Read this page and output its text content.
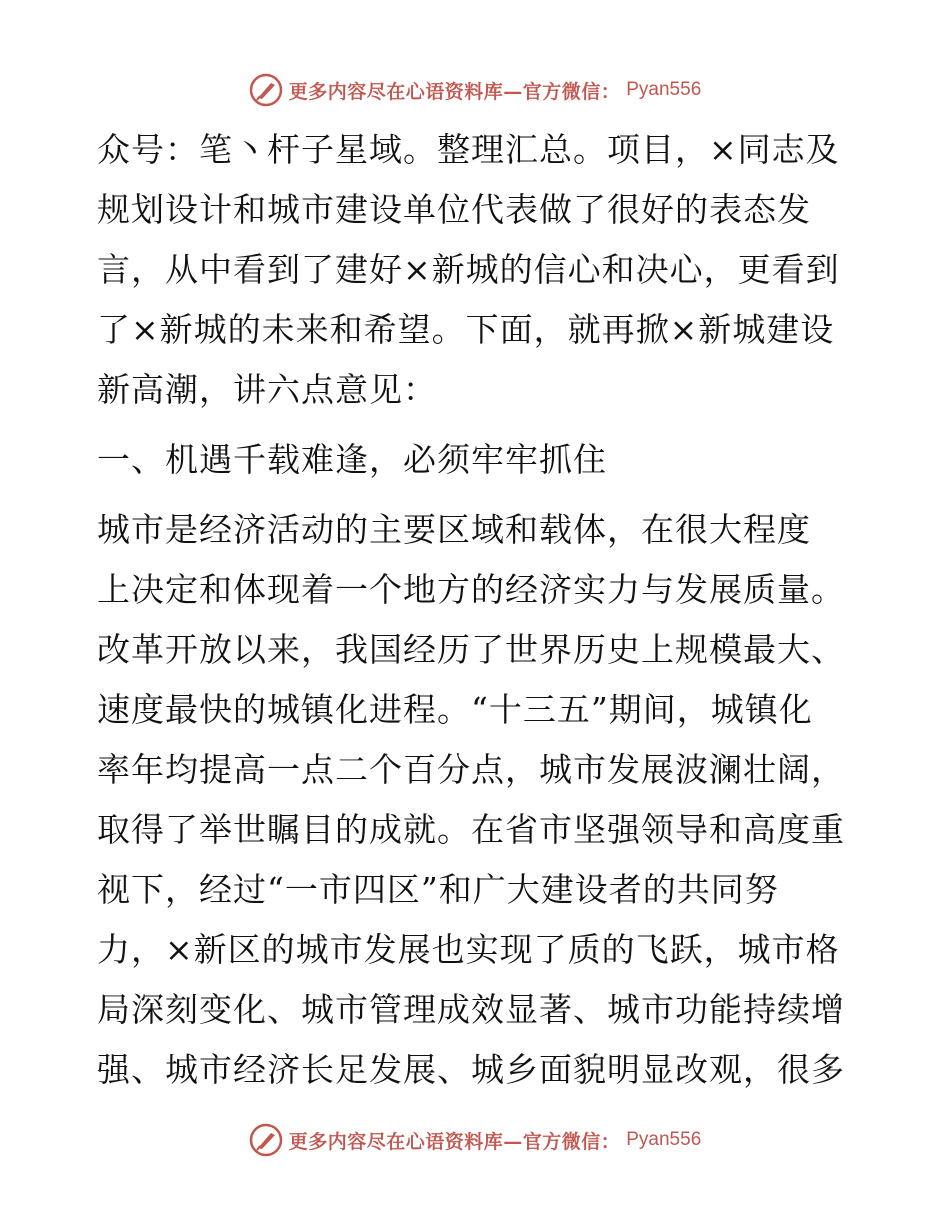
更多内容尽在心语资料库—官方微信： Pyan556
众号：笔丶杆子星域。整理汇总。项目，×同志及
规划设计和城市建设单位代表做了很好的表态发
言，从中看到了建好×新城的信心和决心，更看到
了×新城的未来和希望。下面，就再掀×新城建设
新高潮，讲六点意见：
一、机遇千载难逢，必须牢牢抓住
城市是经济活动的主要区域和载体，在很大程度
上决定和体现着一个地方的经济实力与发展质量。
改革开放以来，我国经历了世界历史上规模最大、
速度最快的城镇化进程。“十三五”期间，城镇化
率年均提高一点二个百分点，城市发展波澜壮阔，
取得了举世瞩目的成就。在省市坚强领导和高度重
视下，经过“一市四区”和广大建设者的共同努
力，×新区的城市发展也实现了质的飞跃，城市格
局深刻变化、城市管理成效显著、城市功能持续增
强、城市经济长足发展、城乡面貌明显改观，很多
更多内容尽在心语资料库—官方微信： Pyan556
